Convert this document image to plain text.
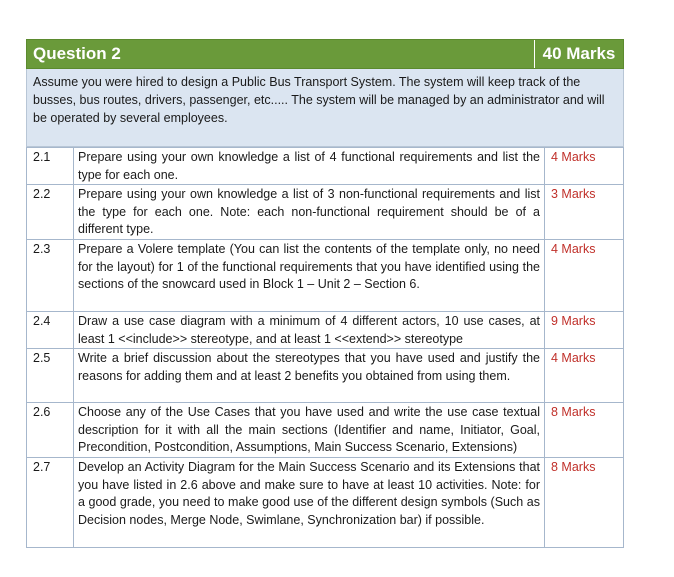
Question 2	40 Marks
Assume you were hired to design a Public Bus Transport System. The system will keep track of the busses, bus routes, drivers, passenger, etc..... The system will be managed by an administrator and will be operated by several employees.
2.1	Prepare using your own knowledge a list of 4 functional requirements and list the type for each one.	4 Marks
2.2	Prepare using your own knowledge a list of 3 non-functional requirements and list the type for each one. Note: each non-functional requirement should be of a different type.	3 Marks
2.3	Prepare a Volere template (You can list the contents of the template only, no need for the layout) for 1 of the functional requirements that you have identified using the sections of the snowcard used in Block 1 – Unit 2 – Section 6.	4 Marks
2.4	Draw a use case diagram with a minimum of 4 different actors, 10 use cases, at least 1 <<include>> stereotype, and at least 1 <<extend>> stereotype	9 Marks
2.5	Write a brief discussion about the stereotypes that you have used and justify the reasons for adding them and at least 2 benefits you obtained from using them.	4 Marks
2.6	Choose any of the Use Cases that you have used and write the use case textual description for it with all the main sections (Identifier and name, Initiator, Goal, Precondition, Postcondition, Assumptions, Main Success Scenario, Extensions)	8 Marks
2.7	Develop an Activity Diagram for the Main Success Scenario and its Extensions that you have listed in 2.6 above and make sure to have at least 10 activities. Note: for a good grade, you need to make good use of the different design symbols (Such as Decision nodes, Merge Node, Swimlane, Synchronization bar) if possible.	8 Marks
